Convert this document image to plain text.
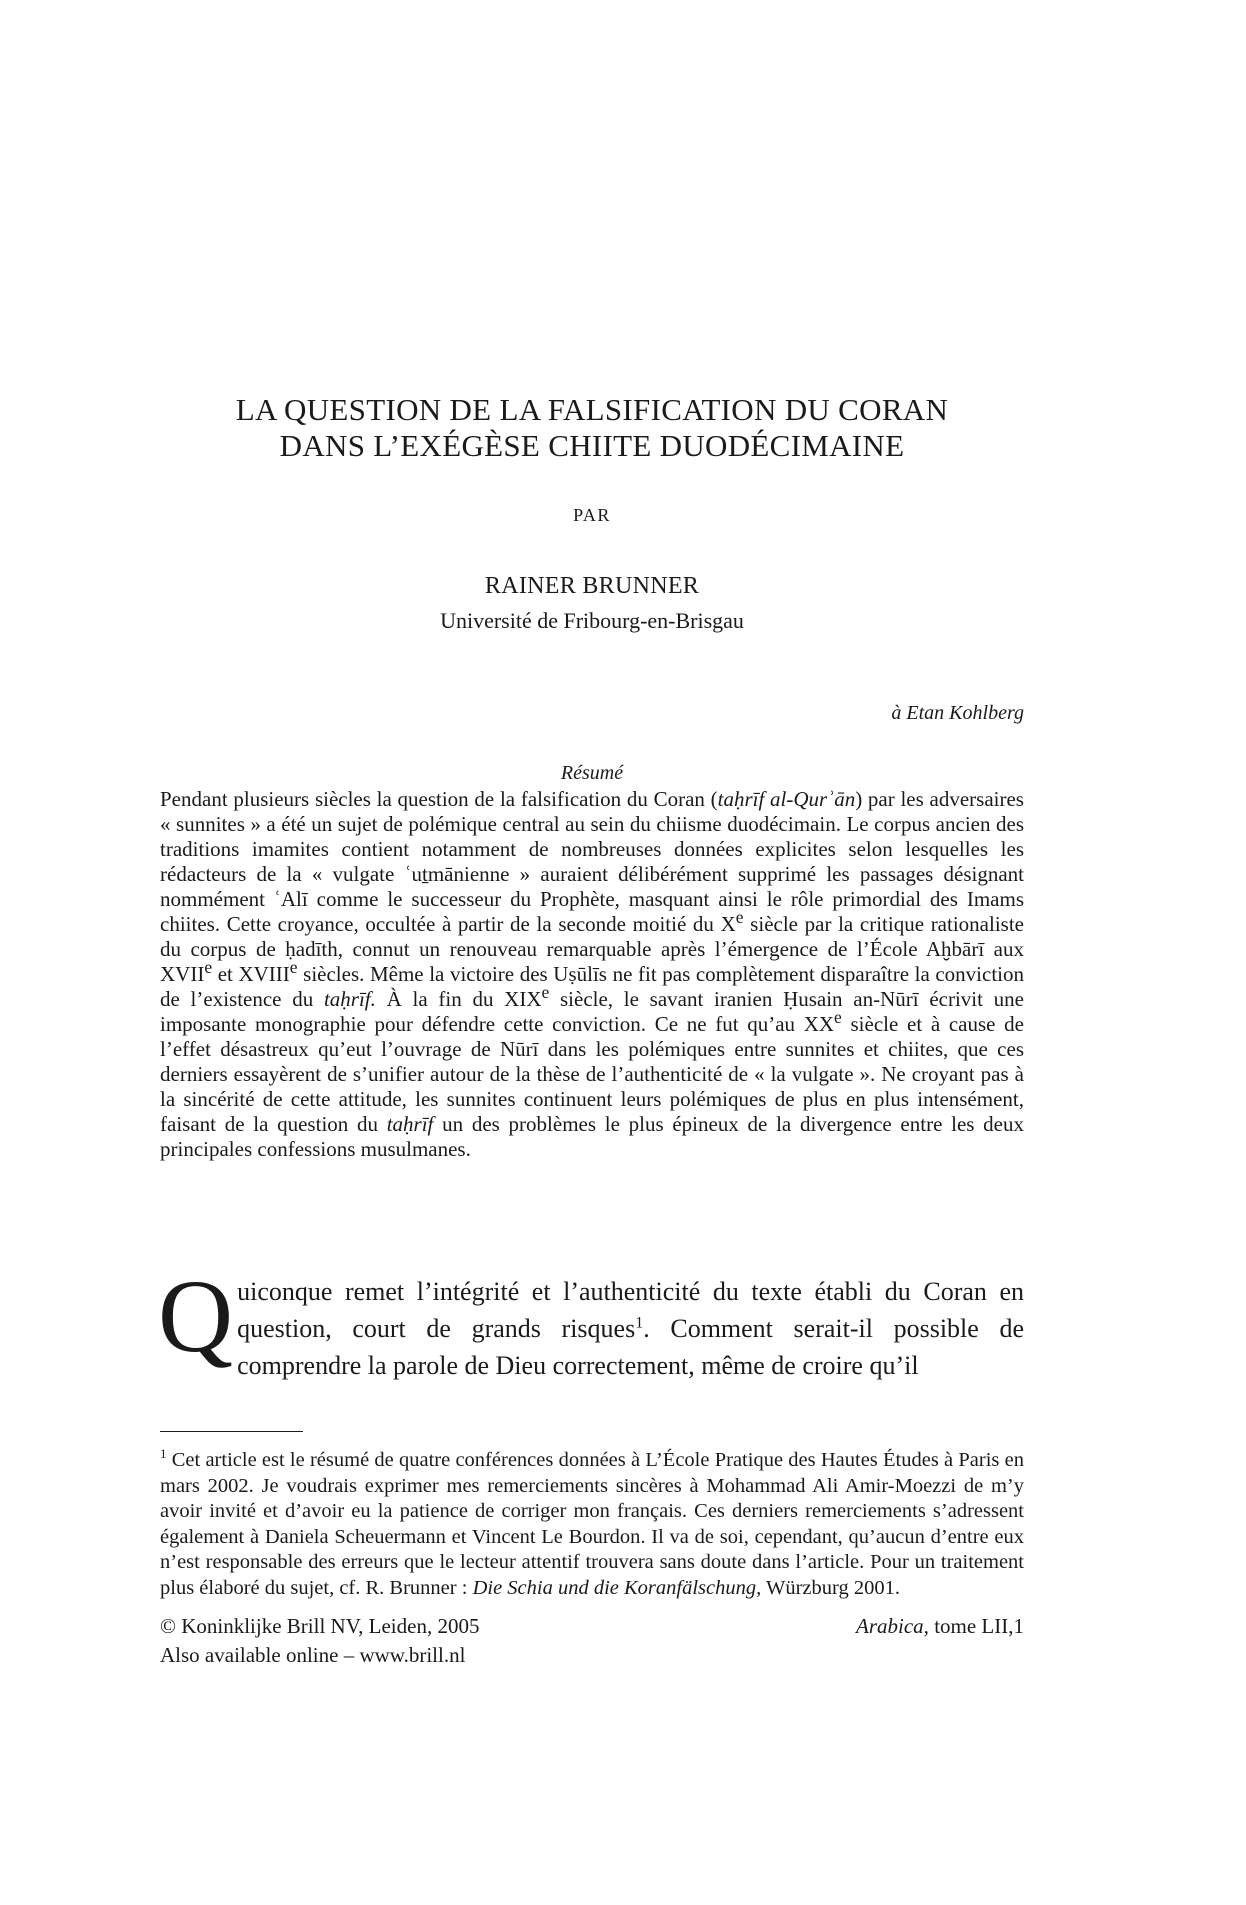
LA QUESTION DE LA FALSIFICATION DU CORAN
DANS L’EXÉGÈSE CHIITE DUODÉCIMAINE
PAR
RAINER BRUNNER
Université de Fribourg-en-Brisgau
à Etan Kohlberg
Résumé

Pendant plusieurs siècles la question de la falsification du Coran (taḥrīf al-Qurʾān) par les adversaires « sunnites » a été un sujet de polémique central au sein du chiisme duodécimain. Le corpus ancien des traditions imamites contient notamment de nombreuses données explicites selon lesquelles les rédacteurs de la « vulgate ʿuṯmānienne » auraient délibérément supprimé les passages désignant nommément ʿAlī comme le successeur du Prophète, masquant ainsi le rôle primordial des Imams chiites. Cette croyance, occultée à partir de la seconde moitié du Xe siècle par la critique rationaliste du corpus de ḥadīth, connut un renouveau remarquable après l’émergence de l’École Aḫbārī aux XVIIe et XVIIIe siècles. Même la victoire des Uṣūlīs ne fit pas complètement disparaître la conviction de l’existence du taḥrīf. À la fin du XIXe siècle, le savant iranien Ḥusain an-Nūrī écrivit une imposante monographie pour défendre cette conviction. Ce ne fut qu’au XXe siècle et à cause de l’effet désastreux qu’eut l’ouvrage de Nūrī dans les polémiques entre sunnites et chiites, que ces derniers essayèrent de s’unifier autour de la thèse de l’authenticité de « la vulgate ». Ne croyant pas à la sincérité de cette attitude, les sunnites continuent leurs polémiques de plus en plus intensément, faisant de la question du taḥrīf un des problèmes le plus épineux de la divergence entre les deux principales confessions musulmanes.

Quiconque remet l’intégrité et l’authenticité du texte établi du Coran en question, court de grands risques$^1$. Comment serait-il possible de comprendre la parole de Dieu correctement, même de croire qu’il

$^1$ Cet article est le résumé de quatre conférences données à L’École Pratique des Hautes Études à Paris en mars 2002. Je voudrais exprimer mes remerciements sincères à Mohammad Ali Amir-Moezzi de m’y avoir invité et d’avoir eu la patience de corriger mon français. Ces derniers remerciements s’adressent également à Daniela Scheuermann et Vincent Le Bourdon. Il va de soi, cependant, qu’aucun d’entre eux n’est responsable des erreurs que le lecteur attentif trouvera sans doute dans l’article. Pour un traitement plus élaboré du sujet, cf. R. Brunner : Die Schia und die Koranfälschung, Würzburg 2001.

© Koninklijke Brill NV, Leiden, 2005
Also available online – www.brill.nl
Arabica, tome LII,1
